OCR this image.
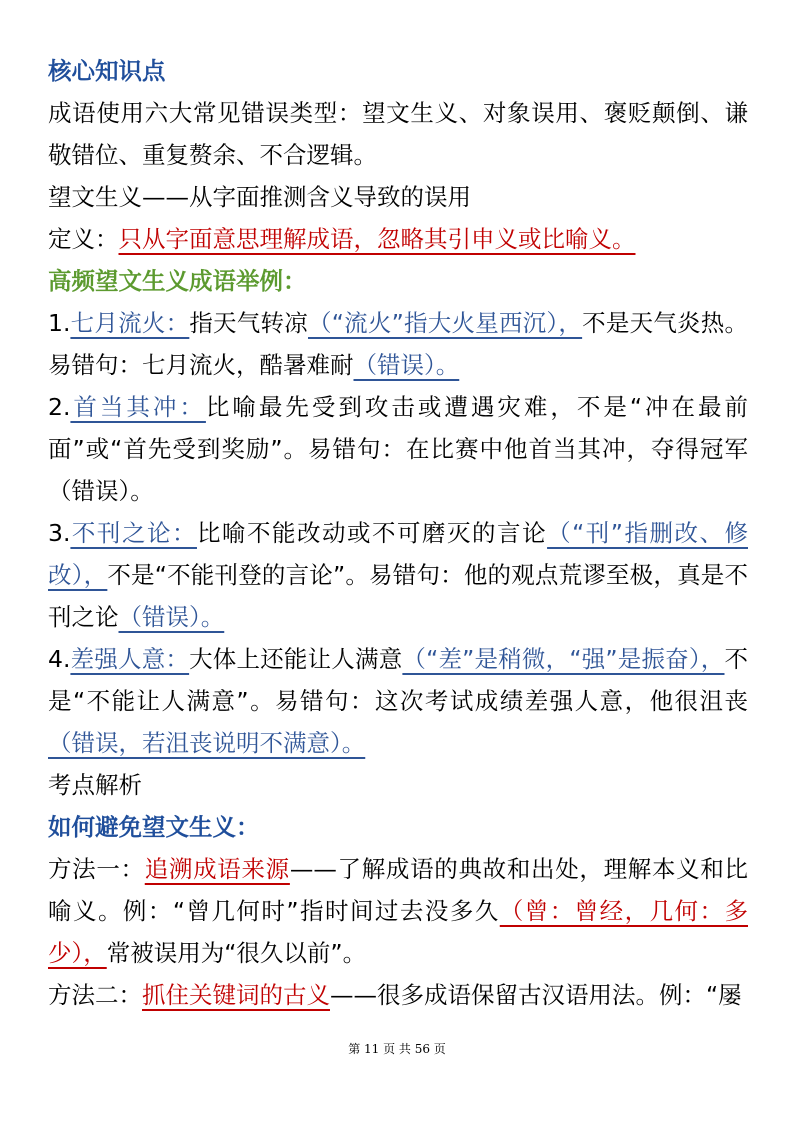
核心知识点

成语使用六大常见错误类型：望文生义、对象误用、褒贬颠倒、谦敬错位、重复赘余、不合逻辑。

望文生义——从字面推测含义导致的误用

定义：只从字面意思理解成语，忽略其引申义或比喻义。

高频望文生义成语举例：

1.七月流火：指天气转凉（“流火”指大火星西沉），不是天气炎热。易错句：七月流火，酷暑难耐（错误）。

2.首当其冲：比喻最先受到攻击或遭遇灾难，不是“冲在最前面”或“首先受到奖励”。易错句：在比赛中他首当其冲，夺得冠军（错误）。

3.不刊之论：比喻不能改动或不可磨灭的言论（“刊”指删改、修改），不是“不能刊登的言论”。易错句：他的观点荒谬至极，真是不刊之论（错误）。

4.差强人意：大体上还能让人满意（“差”是稍微，“强”是振奋），不是“不能让人满意”。易错句：这次考试成绩差强人意，他很沮丧（错误，若沮丧说明不满意）。

考点解析

如何避免望文生义：

方法一：追溯成语来源——了解成语的典故和出处，理解本义和比喻义。例：“曾几何时”指时间过去没多久（曾：曾经，几何：多少），常被误用为“很久以前”。

方法二：抓住关键词的古义——很多成语保留古汉语用法。例：“屡

第 11 页 共 56 页
